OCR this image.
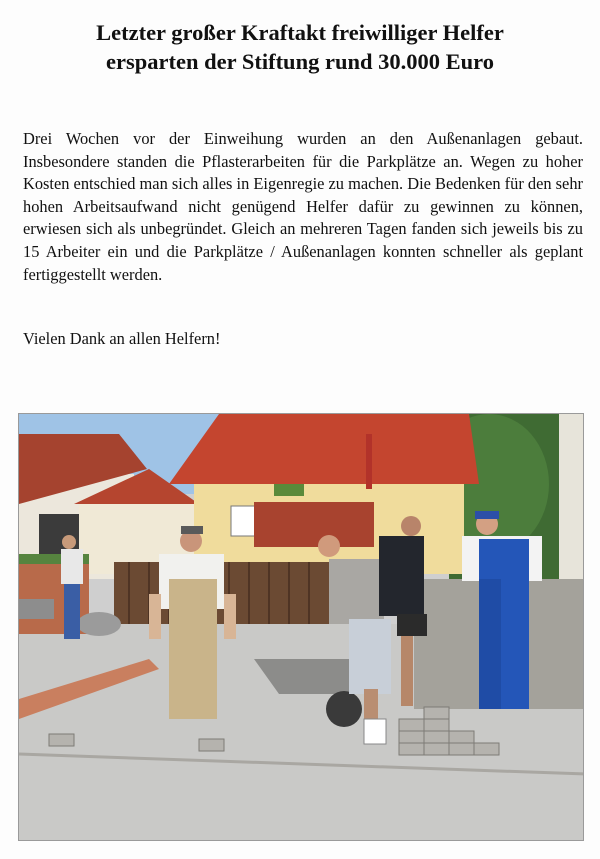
Letzter großer Kraftakt freiwilliger Helfer
ersparten der Stiftung rund 30.000 Euro

Drei Wochen vor der Einweihung wurden an den Außenanlagen gebaut. Insbesondere standen die Pflasterarbeiten für die Parkplätze an. Wegen zu hoher Kosten entschied man sich alles in Eigenregie zu machen. Die Bedenken für den sehr hohen Arbeitsaufwand nicht genügend Helfer dafür zu gewinnen zu können, erwiesen sich als unbegründet. Gleich an mehreren Tagen fanden sich jeweils bis zu 15 Arbeiter ein und die Parkplätze / Außenanlagen konnten schneller als geplant fertiggestellt werden.

Vielen Dank an allen Helfern!
